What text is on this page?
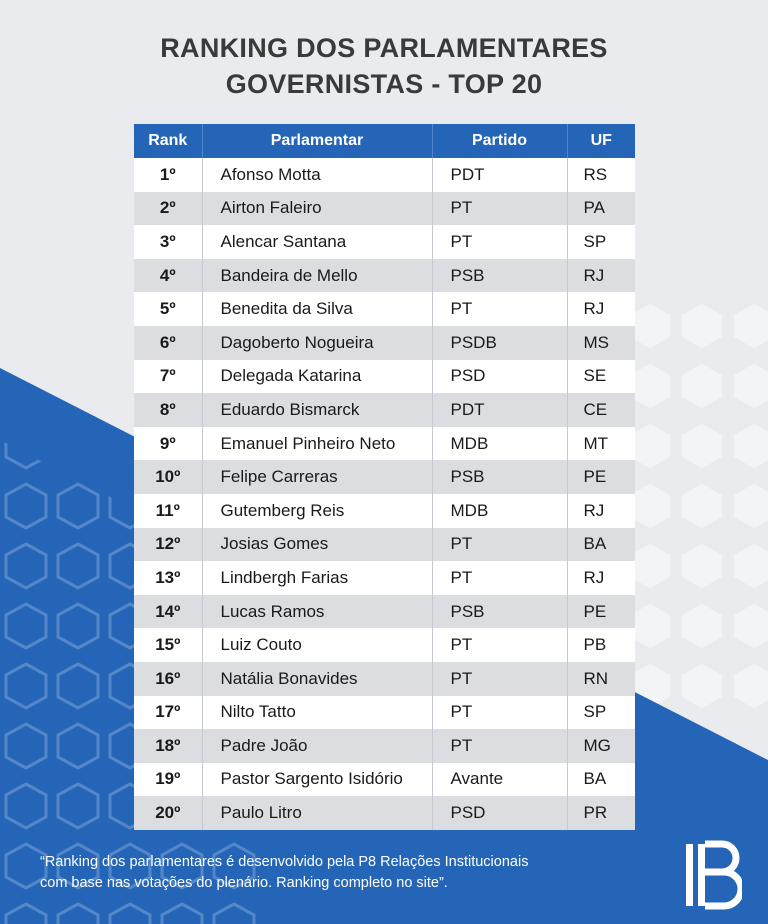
RANKING DOS PARLAMENTARES
GOVERNISTAS - TOP 20
Rank	Parlamentar	Partido	UF
1º	Afonso Motta	PDT	RS
2º	Airton Faleiro	PT	PA
3º	Alencar Santana	PT	SP
4º	Bandeira de Mello	PSB	RJ
5º	Benedita da Silva	PT	RJ
6º	Dagoberto Nogueira	PSDB	MS
7º	Delegada Katarina	PSD	SE
8º	Eduardo Bismarck	PDT	CE
9º	Emanuel Pinheiro Neto	MDB	MT
10º	Felipe Carreras	PSB	PE
11º	Gutemberg Reis	MDB	RJ
12º	Josias Gomes	PT	BA
13º	Lindbergh Farias	PT	RJ
14º	Lucas Ramos	PSB	PE
15º	Luiz Couto	PT	PB
16º	Natália Bonavides	PT	RN
17º	Nilto Tatto	PT	SP
18º	Padre João	PT	MG
19º	Pastor Sargento Isidório	Avante	BA
20º	Paulo Litro	PSD	PR

“Ranking dos parlamentares é desenvolvido pela P8 Relações Institucionais
com base nas votações do plenário. Ranking completo no site”.
